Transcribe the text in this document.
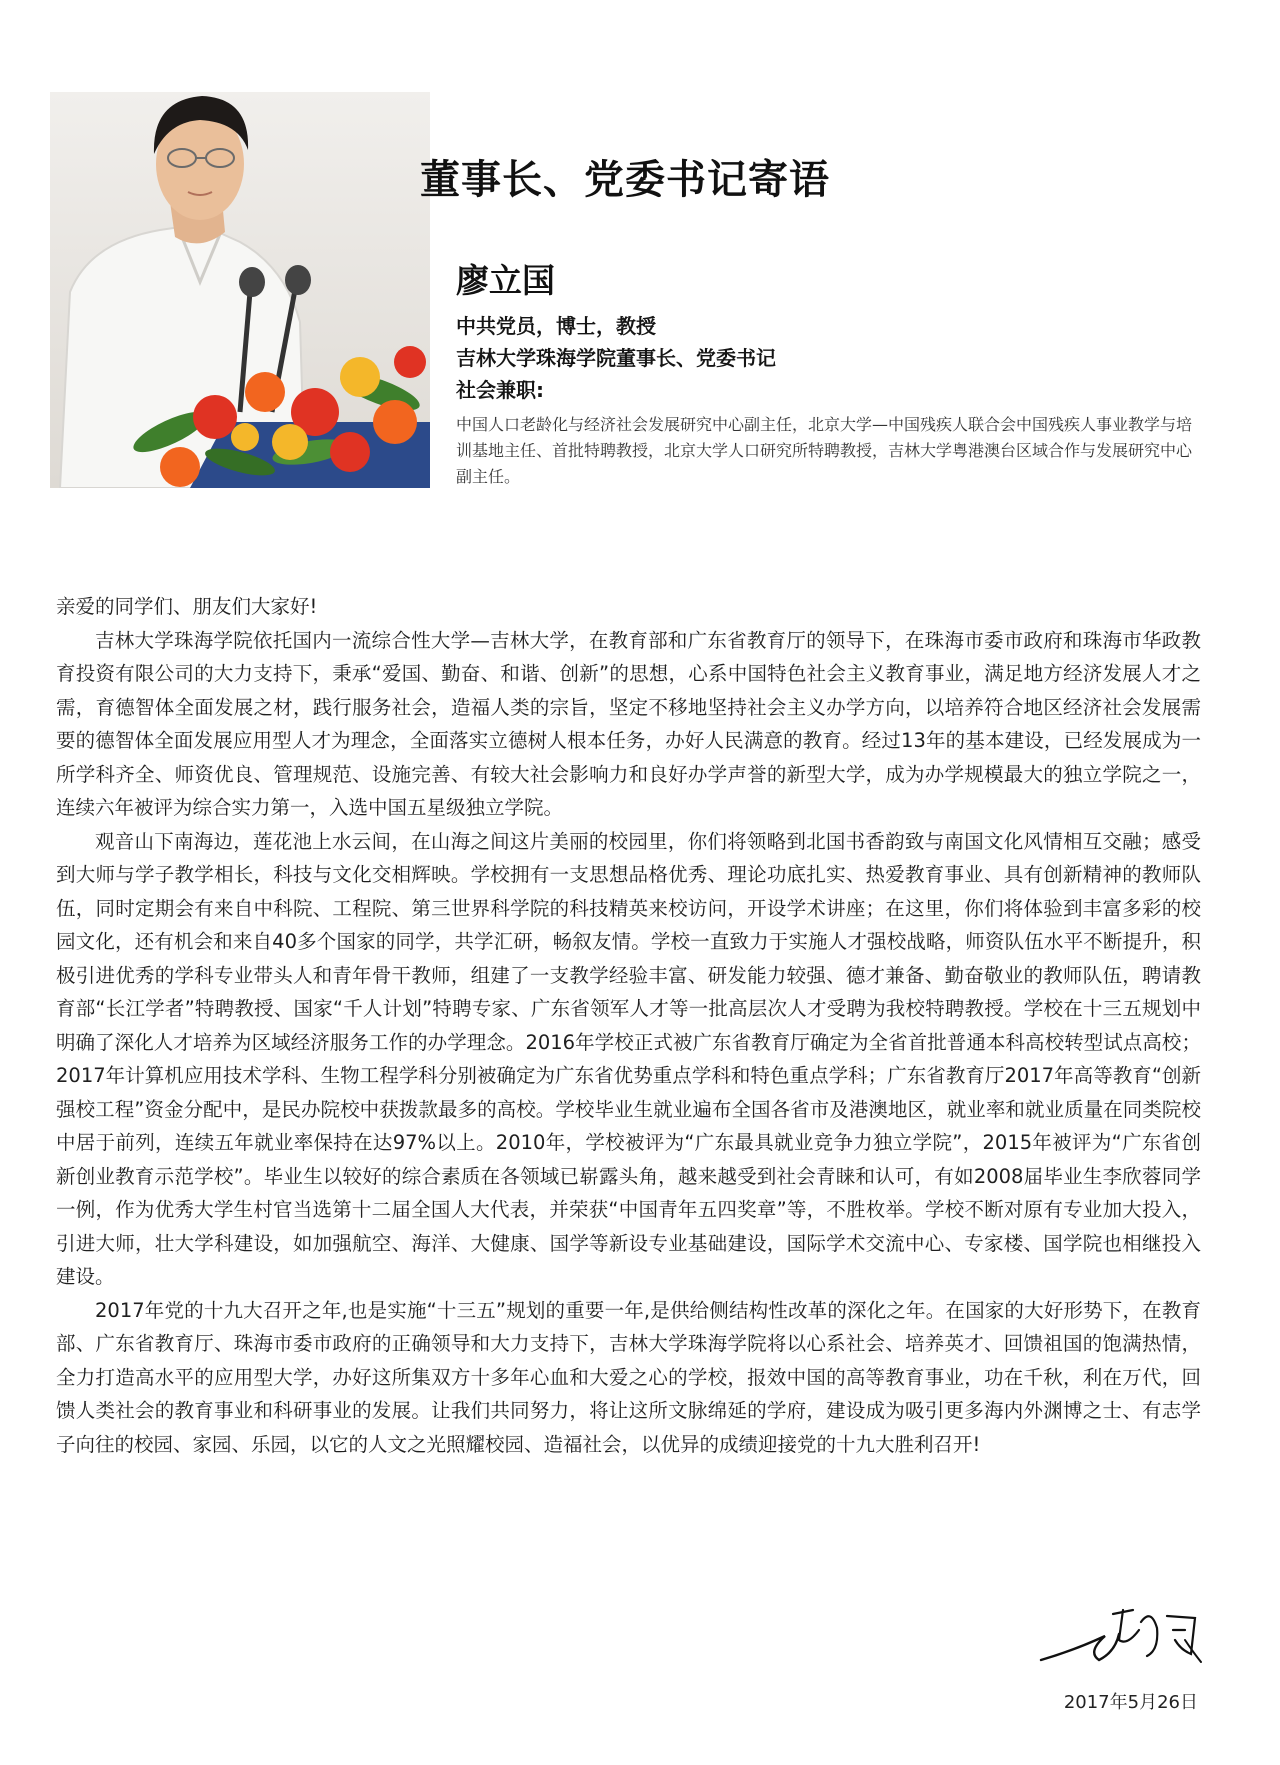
董事长、党委书记寄语
廖立国
中共党员，博士，教授
吉林大学珠海学院董事长、党委书记
社会兼职:
中国人口老龄化与经济社会发展研究中心副主任，北京大学—中国残疾人联合会中国残疾人事业教学与培训基地主任、首批特聘教授，北京大学人口研究所特聘教授，吉林大学粤港澳台区域合作与发展研究中心副主任。

亲爱的同学们、朋友们大家好!

吉林大学珠海学院依托国内一流综合性大学—吉林大学，在教育部和广东省教育厅的领导下，在珠海市委市政府和珠海市华政教育投资有限公司的大力支持下，秉承“爱国、勤奋、和谐、创新”的思想，心系中国特色社会主义教育事业，满足地方经济发展人才之需，育德智体全面发展之材，践行服务社会，造福人类的宗旨，坚定不移地坚持社会主义办学方向，以培养符合地区经济社会发展需要的德智体全面发展应用型人才为理念，全面落实立德树人根本任务，办好人民满意的教育。经过13年的基本建设，已经发展成为一所学科齐全、师资优良、管理规范、设施完善、有较大社会影响力和良好办学声誉的新型大学，成为办学规模最大的独立学院之一，连续六年被评为综合实力第一，入选中国五星级独立学院。

观音山下南海边，莲花池上水云间，在山海之间这片美丽的校园里，你们将领略到北国书香韵致与南国文化风情相互交融；感受到大师与学子教学相长，科技与文化交相辉映。学校拥有一支思想品格优秀、理论功底扎实、热爱教育事业、具有创新精神的教师队伍，同时定期会有来自中科院、工程院、第三世界科学院的科技精英来校访问，开设学术讲座；在这里，你们将体验到丰富多彩的校园文化，还有机会和来自40多个国家的同学，共学汇研，畅叙友情。学校一直致力于实施人才强校战略，师资队伍水平不断提升，积极引进优秀的学科专业带头人和青年骨干教师，组建了一支教学经验丰富、研发能力较强、德才兼备、勤奋敬业的教师队伍，聘请教育部“长江学者”特聘教授、国家“千人计划”特聘专家、广东省领军人才等一批高层次人才受聘为我校特聘教授。学校在十三五规划中明确了深化人才培养为区域经济服务工作的办学理念。2016年学校正式被广东省教育厅确定为全省首批普通本科高校转型试点高校；2017年计算机应用技术学科、生物工程学科分别被确定为广东省优势重点学科和特色重点学科；广东省教育厅2017年高等教育“创新强校工程”资金分配中，是民办院校中获拨款最多的高校。学校毕业生就业遍布全国各省市及港澳地区，就业率和就业质量在同类院校中居于前列，连续五年就业率保持在达97%以上。2010年，学校被评为“广东最具就业竞争力独立学院”，2015年被评为“广东省创新创业教育示范学校”。毕业生以较好的综合素质在各领域已崭露头角，越来越受到社会青睐和认可，有如2008届毕业生李欣蓉同学一例，作为优秀大学生村官当选第十二届全国人大代表，并荣获“中国青年五四奖章”等，不胜枚举。学校不断对原有专业加大投入，引进大师，壮大学科建设，如加强航空、海洋、大健康、国学等新设专业基础建设，国际学术交流中心、专家楼、国学院也相继投入建设。

2017年党的十九大召开之年,也是实施“十三五”规划的重要一年,是供给侧结构性改革的深化之年。在国家的大好形势下，在教育部、广东省教育厅、珠海市委市政府的正确领导和大力支持下，吉林大学珠海学院将以心系社会、培养英才、回馈祖国的饱满热情，全力打造高水平的应用型大学，办好这所集双方十多年心血和大爱之心的学校，报效中国的高等教育事业，功在千秋，利在万代，回馈人类社会的教育事业和科研事业的发展。让我们共同努力，将让这所文脉绵延的学府，建设成为吸引更多海内外渊博之士、有志学子向往的校园、家园、乐园，以它的人文之光照耀校园、造福社会，以优异的成绩迎接党的十九大胜利召开!

2017年5月26日
